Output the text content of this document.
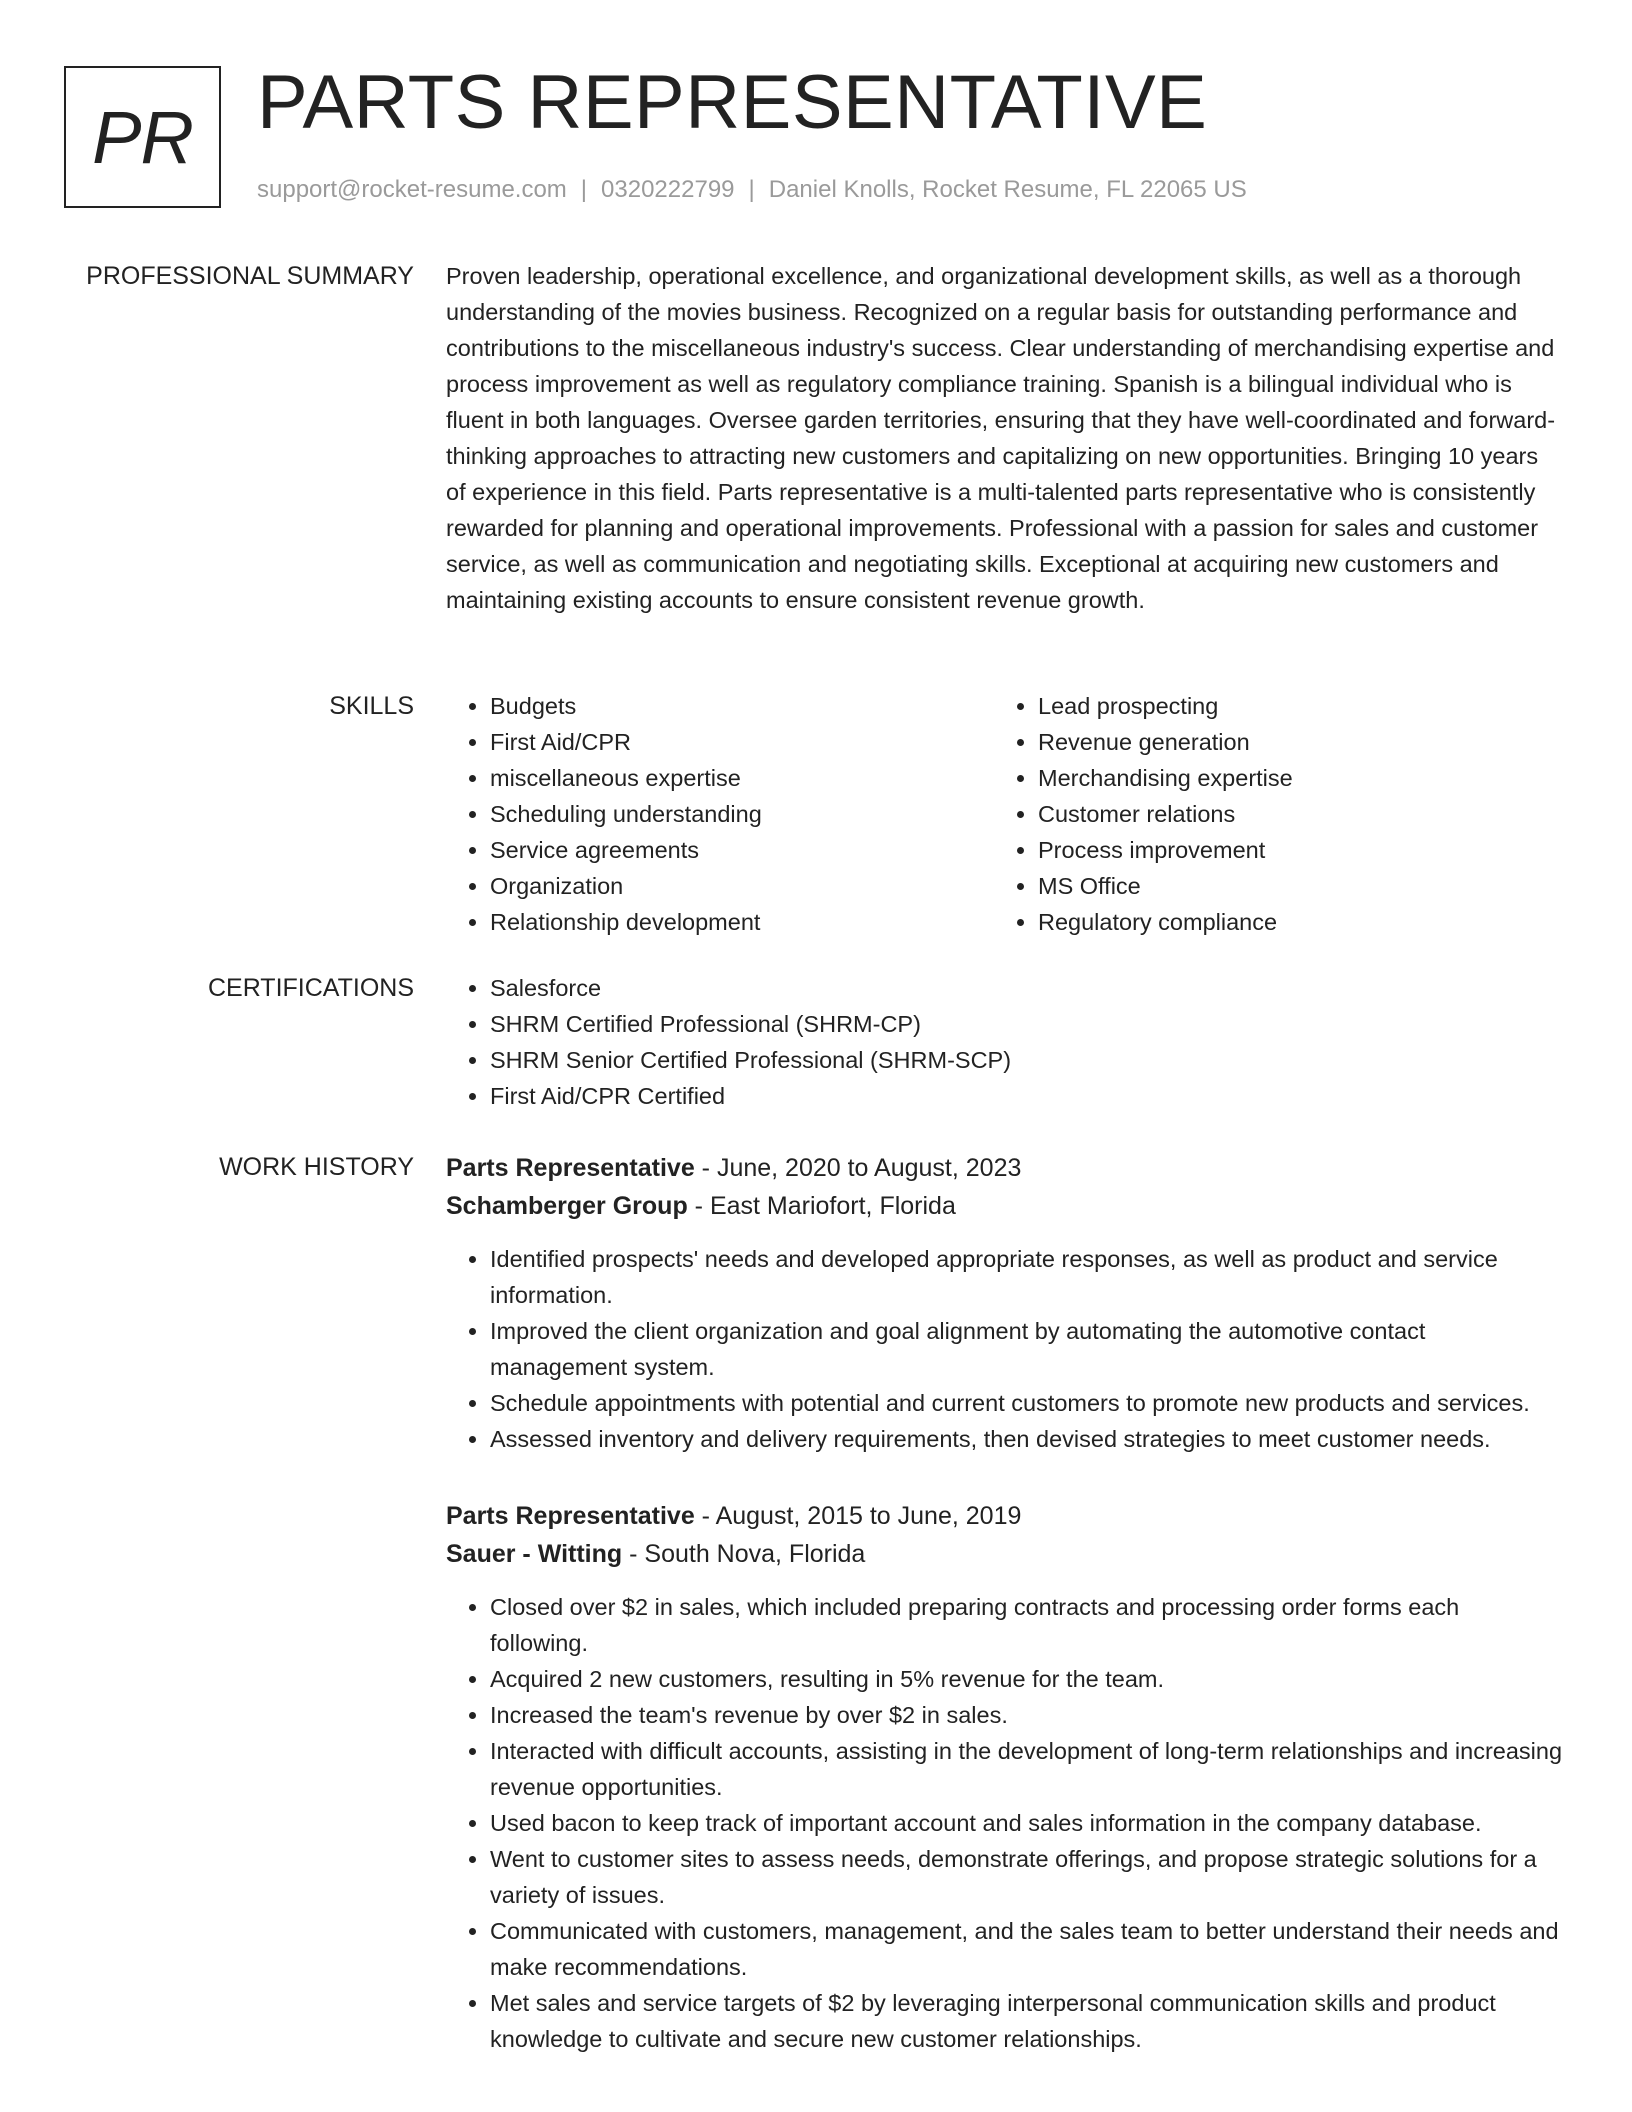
PR PARTS REPRESENTATIVE
support@rocket-resume.com | 0320222799 | Daniel Knolls, Rocket Resume, FL 22065 US
PROFESSIONAL SUMMARY Proven leadership, operational excellence, and organizational development skills, as well as a thorough understanding of the movies business. Recognized on a regular basis for outstanding performance and contributions to the miscellaneous industry's success. Clear understanding of merchandising expertise and process improvement as well as regulatory compliance training. Spanish is a bilingual individual who is fluent in both languages. Oversee garden territories, ensuring that they have well-coordinated and forward-thinking approaches to attracting new customers and capitalizing on new opportunities. Bringing 10 years of experience in this field. Parts representative is a multi-talented parts representative who is consistently rewarded for planning and operational improvements. Professional with a passion for sales and customer service, as well as communication and negotiating skills. Exceptional at acquiring new customers and maintaining existing accounts to ensure consistent revenue growth.

SKILLS	• Budgets
• First Aid/CPR
• miscellaneous expertise
• Scheduling understanding
• Service agreements
• Organization
• Relationship development
• Lead prospecting
• Revenue generation
• Merchandising expertise
• Customer relations
• Process improvement
• MS Office
• Regulatory compliance
CERTIFICATIONS	• Salesforce
• SHRM Certified Professional (SHRM-CP)
• SHRM Senior Certified Professional (SHRM-SCP)
• First Aid/CPR Certified
WORK HISTORY Parts Representative - June, 2020 to August, 2023
Schamberger Group - East Mariofort, Florida
• Identified prospects' needs and developed appropriate responses, as well as product and service information.
• Improved the client organization and goal alignment by automating the automotive contact management system.
• Schedule appointments with potential and current customers to promote new products and services.
• Assessed inventory and delivery requirements, then devised strategies to meet customer needs.
Parts Representative - August, 2015 to June, 2019
Sauer - Witting - South Nova, Florida
• Closed over $2 in sales, which included preparing contracts and processing order forms each following.
• Acquired 2 new customers, resulting in 5% revenue for the team.
• Increased the team's revenue by over $2 in sales.
• Interacted with difficult accounts, assisting in the development of long-term relationships and increasing revenue opportunities.
• Used bacon to keep track of important account and sales information in the company database.
• Went to customer sites to assess needs, demonstrate offerings, and propose strategic solutions for a variety of issues.
• Communicated with customers, management, and the sales team to better understand their needs and make recommendations.
• Met sales and service targets of $2 by leveraging interpersonal communication skills and product knowledge to cultivate and secure new customer relationships.
